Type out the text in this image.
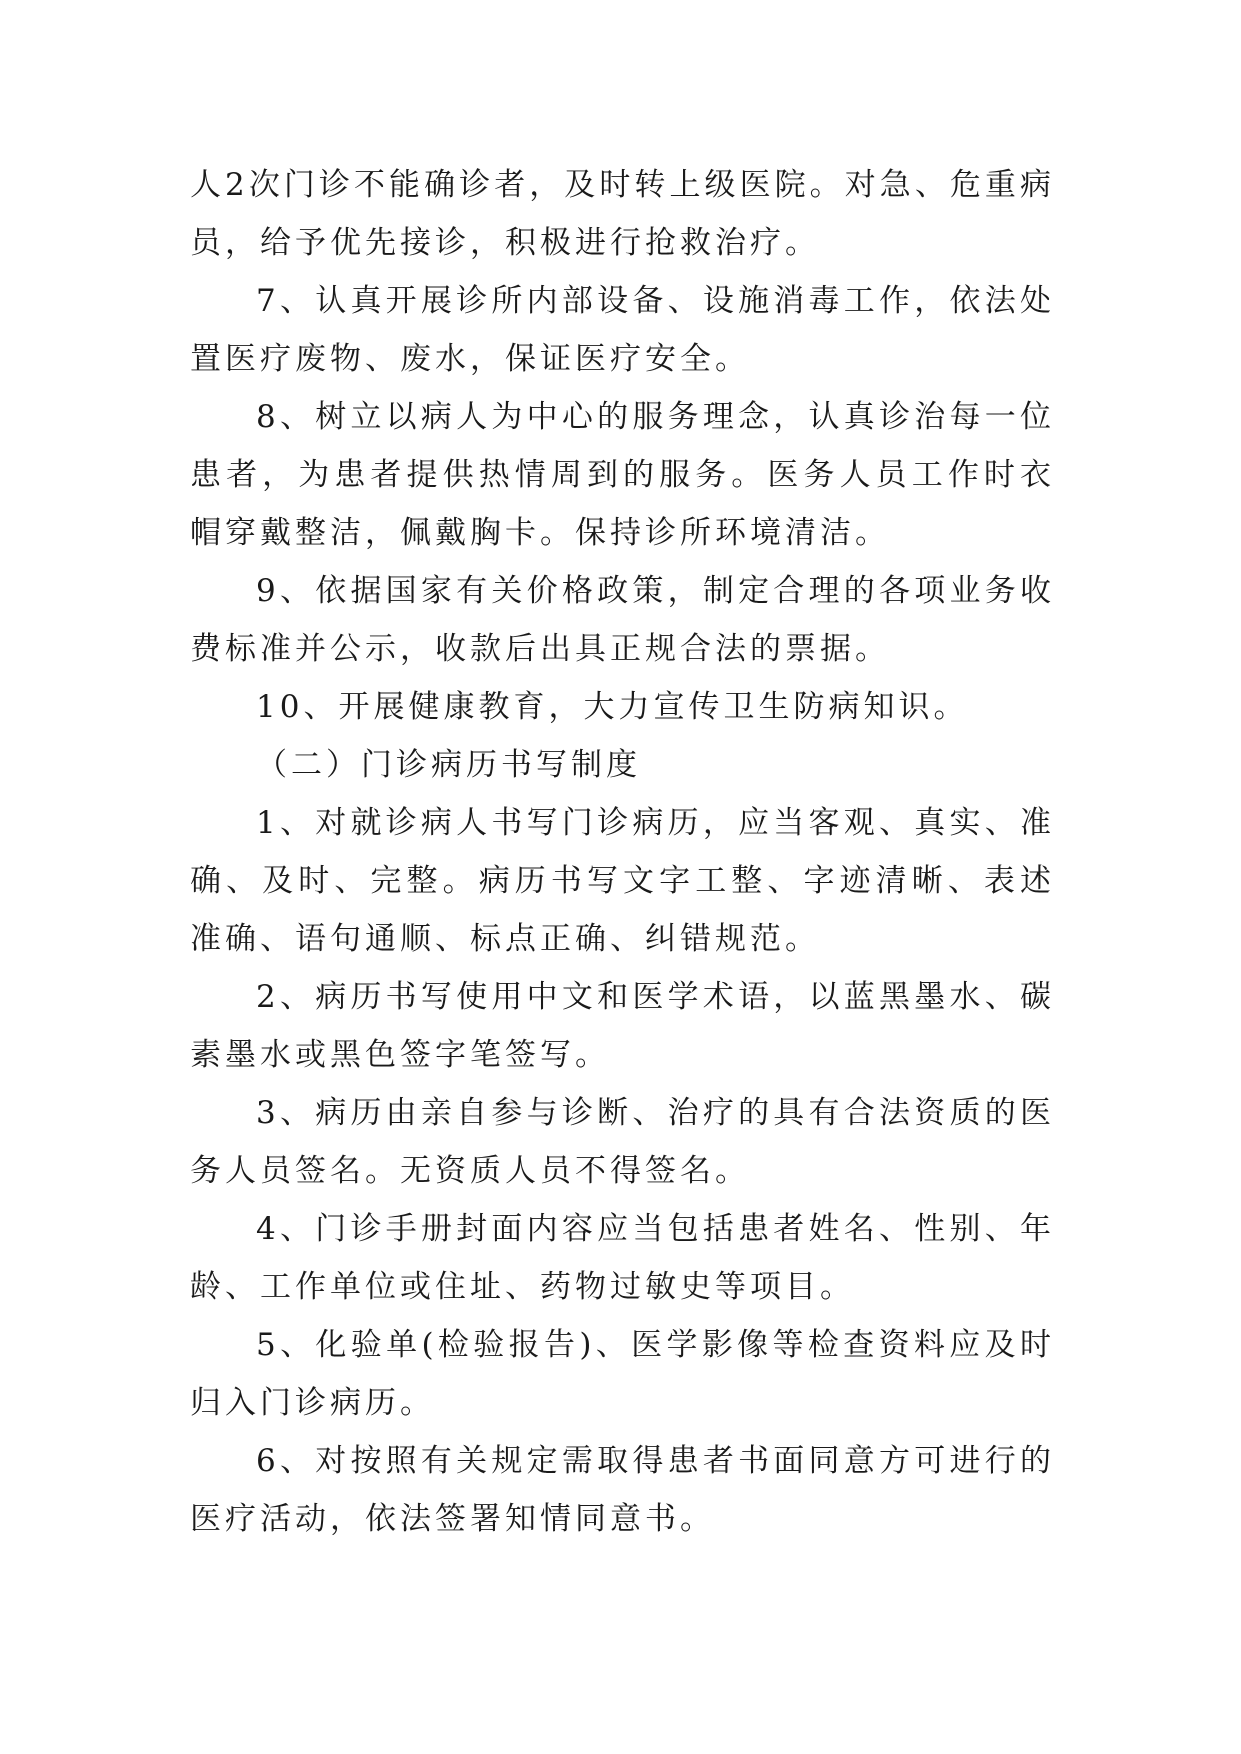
人2次门诊不能确诊者，及时转上级医院。对急、危重病员，给予优先接诊，积极进行抢救治疗。

7、认真开展诊所内部设备、设施消毒工作，依法处置医疗废物、废水，保证医疗安全。

8、树立以病人为中心的服务理念，认真诊治每一位患者，为患者提供热情周到的服务。医务人员工作时衣帽穿戴整洁，佩戴胸卡。保持诊所环境清洁。

9、依据国家有关价格政策，制定合理的各项业务收费标准并公示，收款后出具正规合法的票据。

10、开展健康教育，大力宣传卫生防病知识。

（二）门诊病历书写制度

1、对就诊病人书写门诊病历，应当客观、真实、准确、及时、完整。病历书写文字工整、字迹清晰、表述准确、语句通顺、标点正确、纠错规范。

2、病历书写使用中文和医学术语，以蓝黑墨水、碳素墨水或黑色签字笔签写。

3、病历由亲自参与诊断、治疗的具有合法资质的医务人员签名。无资质人员不得签名。

4、门诊手册封面内容应当包括患者姓名、性别、年龄、工作单位或住址、药物过敏史等项目。

5、化验单(检验报告)、医学影像等检查资料应及时归入门诊病历。

6、对按照有关规定需取得患者书面同意方可进行的医疗活动，依法签署知情同意书。
